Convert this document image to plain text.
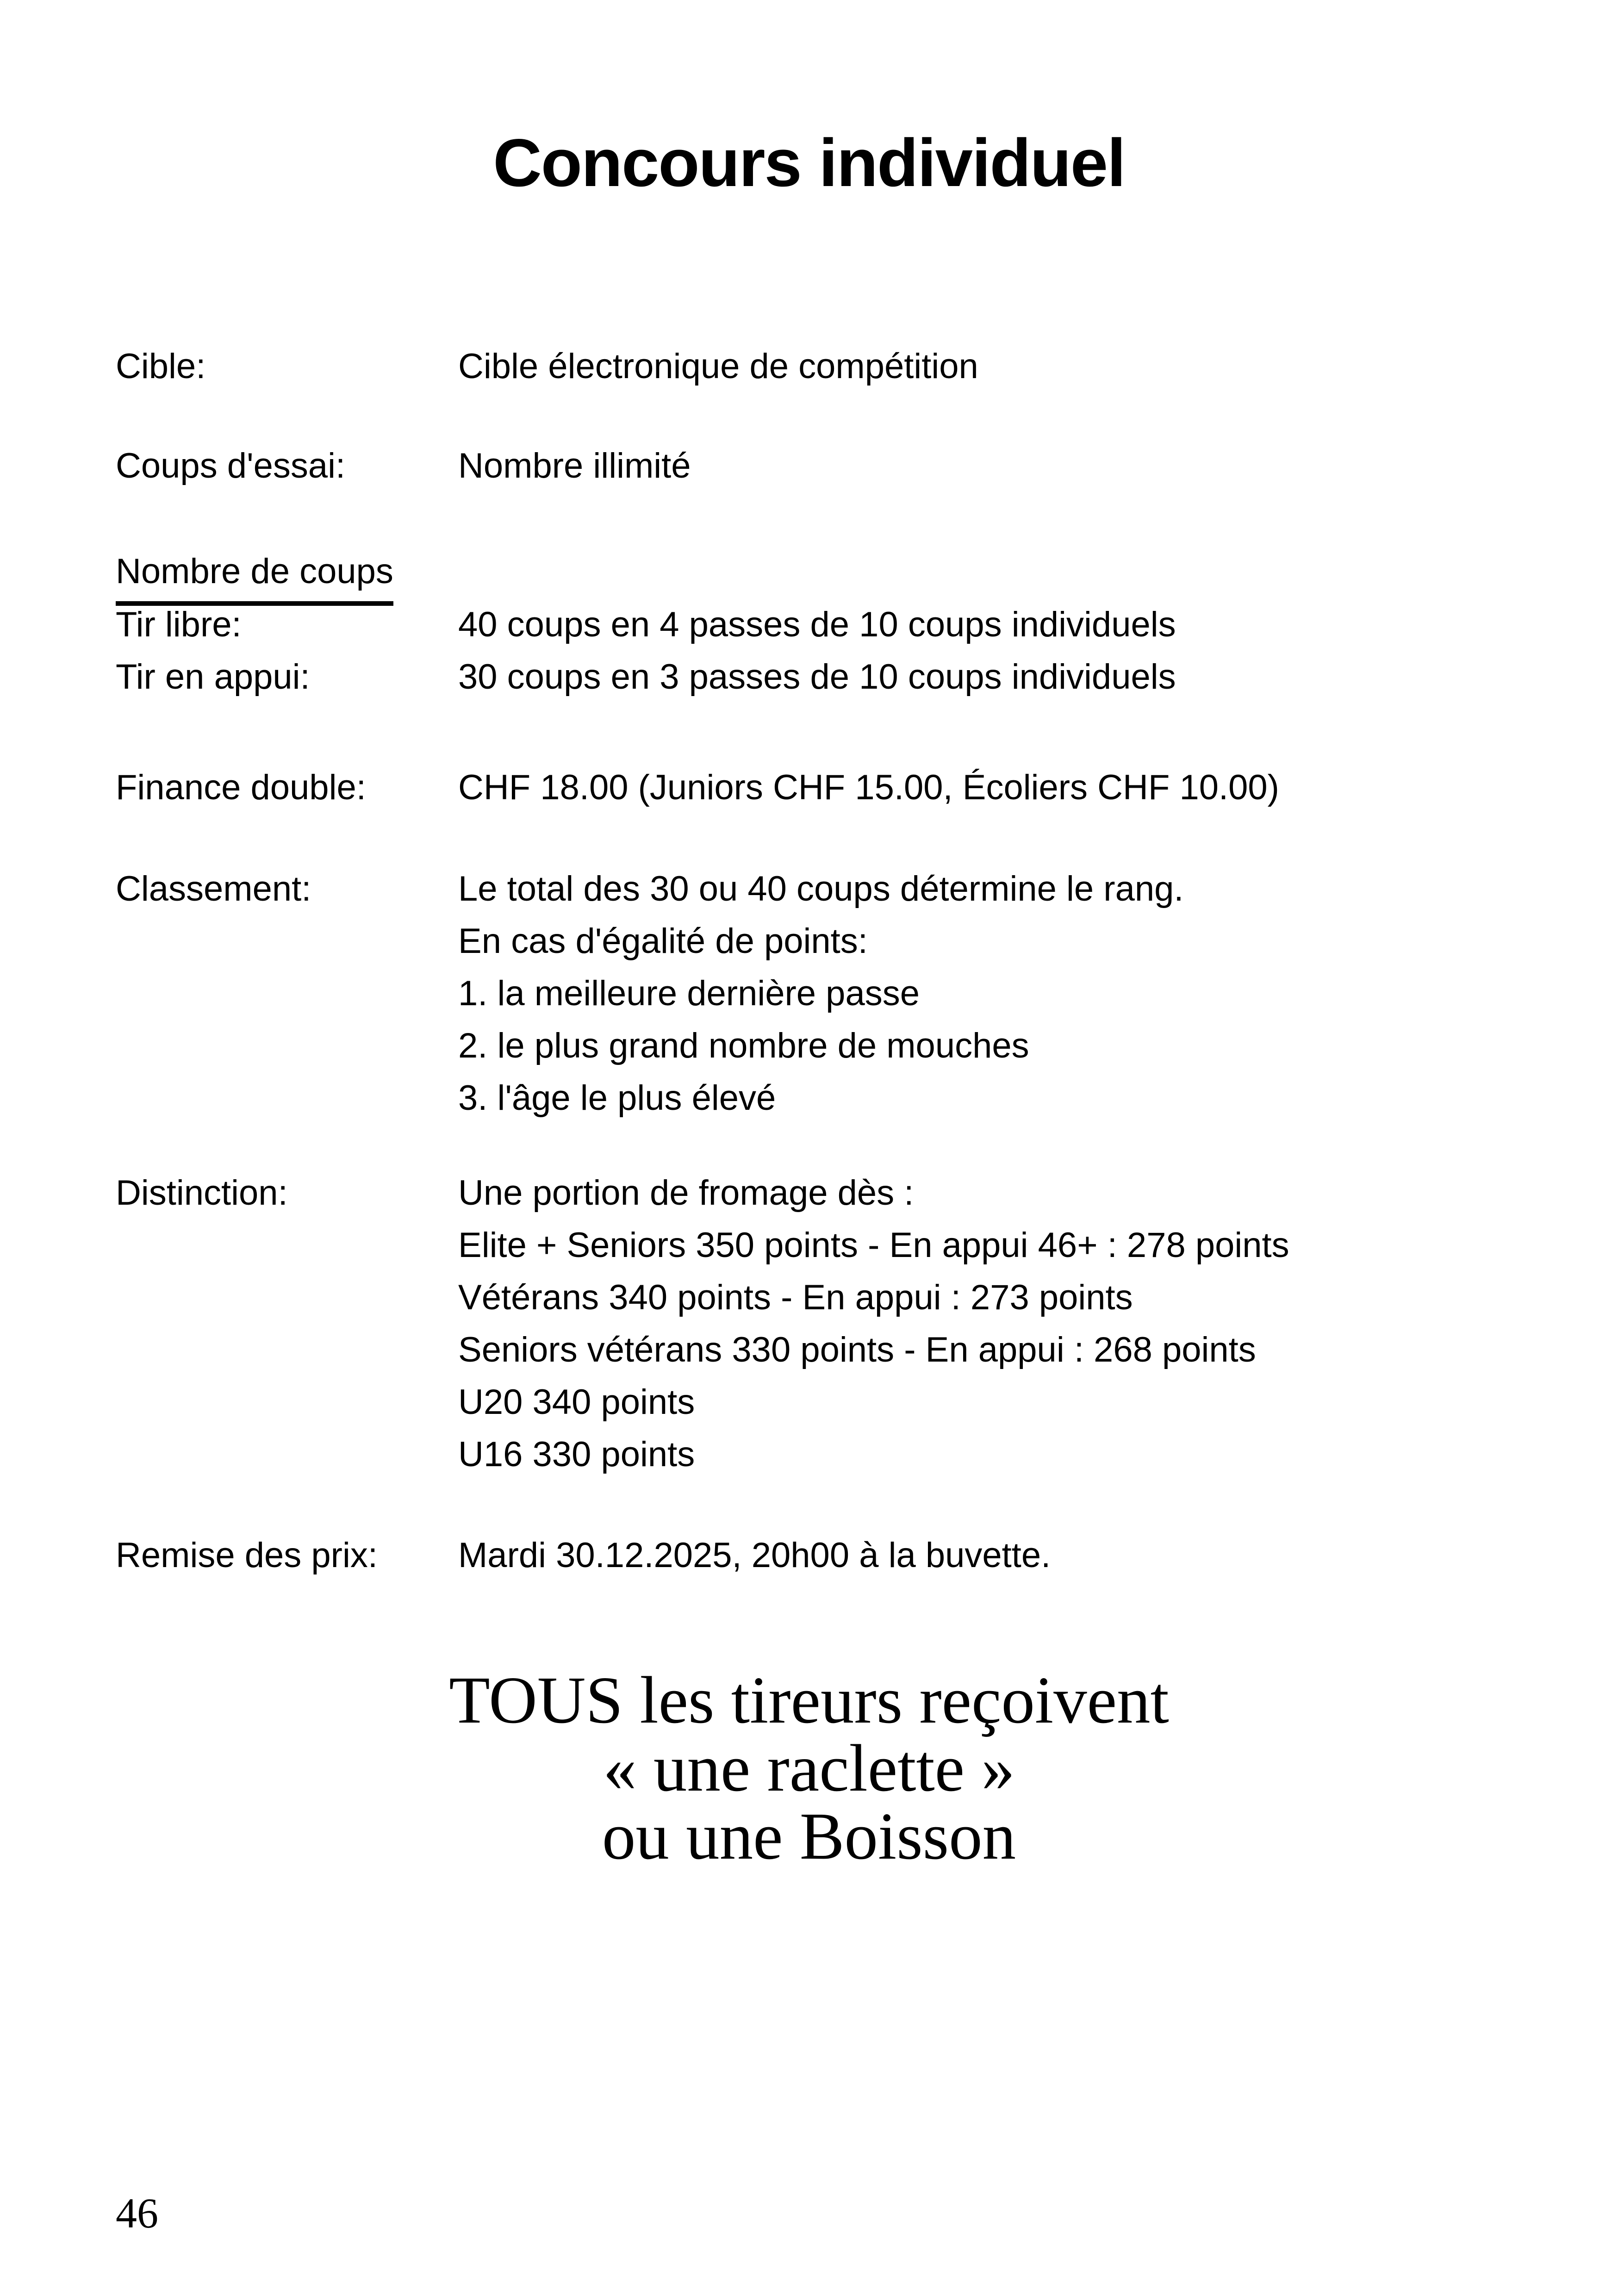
Concours individuel
Cible:	Cible électronique de compétition
Coups d'essai:	Nombre illimité
Nombre de coups
Tir libre:	40 coups en 4 passes de 10 coups individuels
Tir en appui:	30 coups en 3 passes de 10 coups individuels
Finance double:	CHF 18.00 (Juniors CHF 15.00, Écoliers CHF 10.00)
Classement:	Le total des 30 ou 40 coups détermine le rang.
En cas d'égalité de points:
1. la meilleure dernière passe
2. le plus grand nombre de mouches
3. l'âge le plus élevé
Distinction:	Une portion de fromage dès :
Elite + Seniors 350 points - En appui 46+ : 278 points
Vétérans 340 points - En appui : 273 points
Seniors vétérans 330 points - En appui : 268 points
U20 340 points
U16 330 points
Remise des prix:	Mardi 30.12.2025, 20h00 à la buvette.
TOUS les tireurs reçoivent
« une raclette »
ou une Boisson
46
